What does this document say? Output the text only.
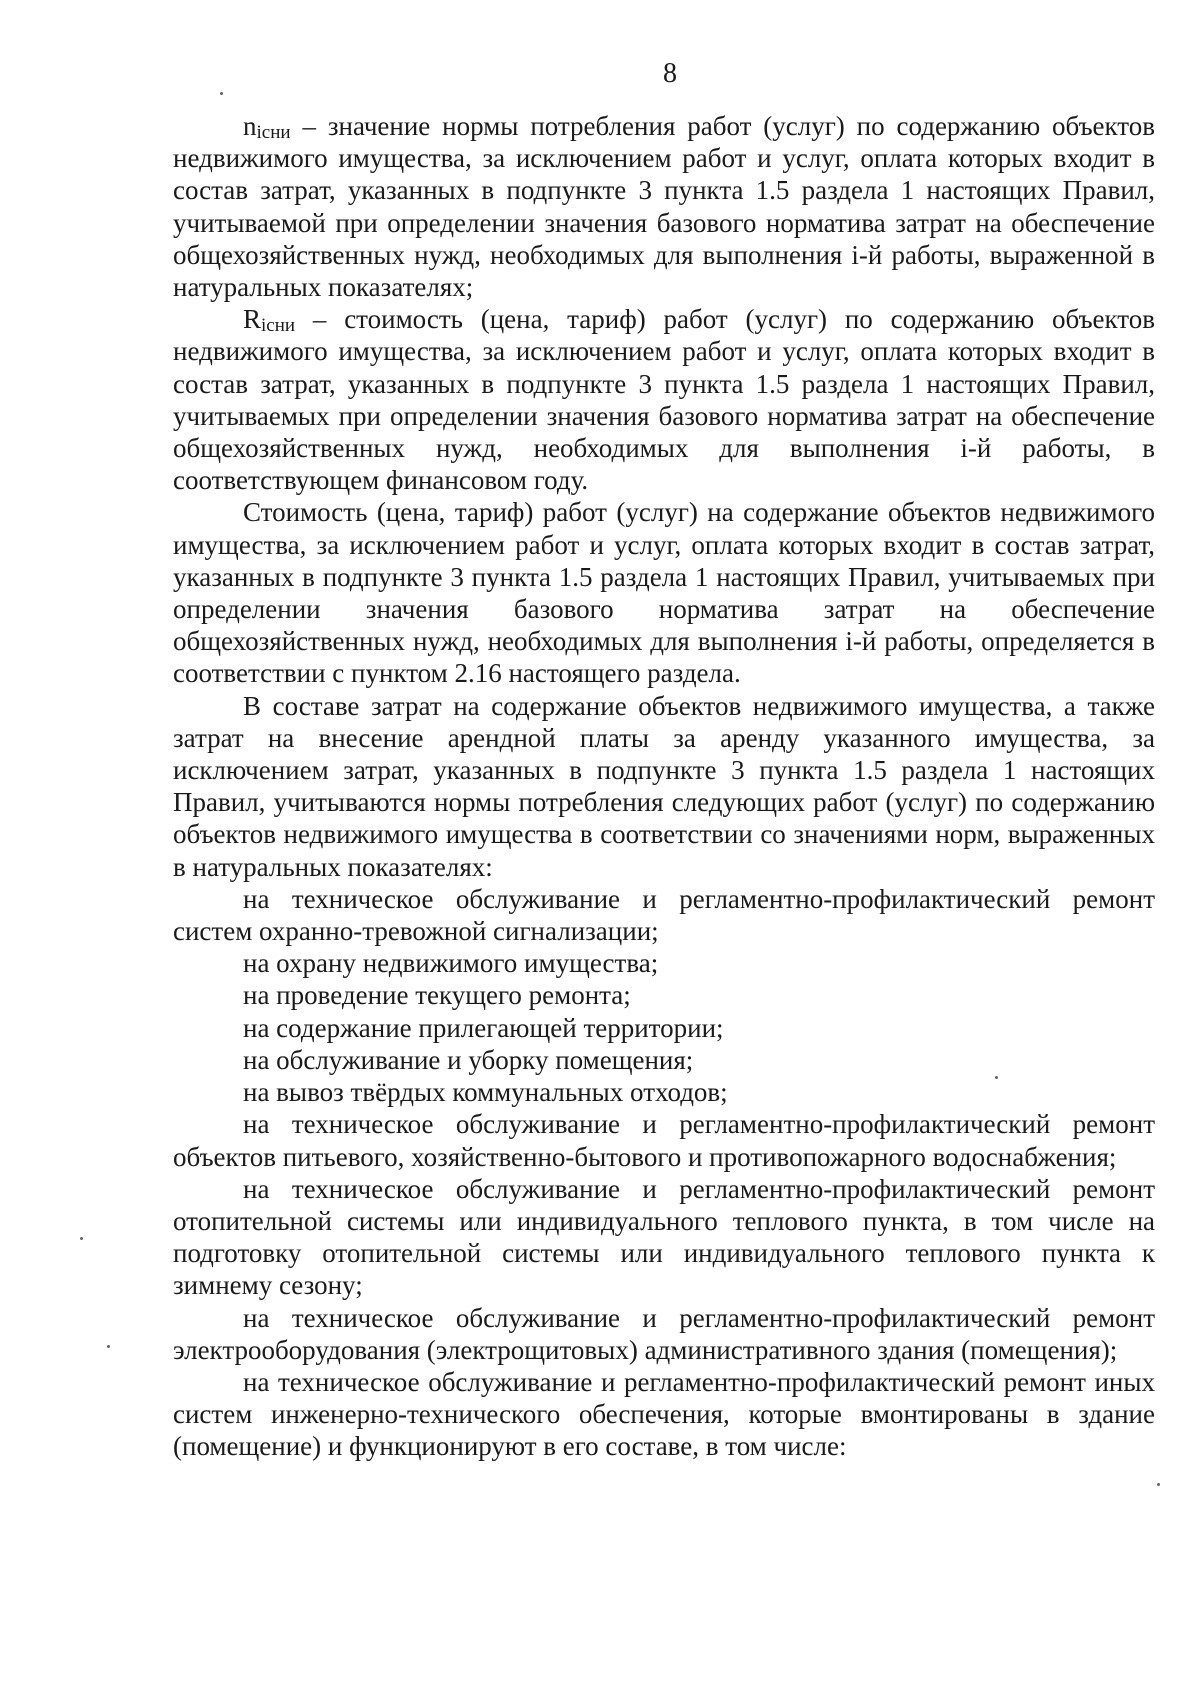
8

$n_{iсни}$ – значение нормы потребления работ (услуг) по содержанию объектов недвижимого имущества, за исключением работ и услуг, оплата которых входит в состав затрат, указанных в подпункте 3 пункта 1.5 раздела 1 настоящих Правил, учитываемой при определении значения базового норматива затрат на обеспечение общехозяйственных нужд, необходимых для выполнения i-й работы, выраженной в натуральных показателях;

$R_{iсни}$ – стоимость (цена, тариф) работ (услуг) по содержанию объектов недвижимого имущества, за исключением работ и услуг, оплата которых входит в состав затрат, указанных в подпункте 3 пункта 1.5 раздела 1 настоящих Правил, учитываемых при определении значения базового норматива затрат на обеспечение общехозяйственных нужд, необходимых для выполнения i-й работы, в соответствующем финансовом году.

Стоимость (цена, тариф) работ (услуг) на содержание объектов недвижимого имущества, за исключением работ и услуг, оплата которых входит в состав затрат, указанных в подпункте 3 пункта 1.5 раздела 1 настоящих Правил, учитываемых при определении значения базового норматива затрат на обеспечение общехозяйственных нужд, необходимых для выполнения i-й работы, определяется в соответствии с пунктом 2.16 настоящего раздела.

В составе затрат на содержание объектов недвижимого имущества, а также затрат на внесение арендной платы за аренду указанного имущества, за исключением затрат, указанных в подпункте 3 пункта 1.5 раздела 1 настоящих Правил, учитываются нормы потребления следующих работ (услуг) по содержанию объектов недвижимого имущества в соответствии со значениями норм, выраженных в натуральных показателях:

на техническое обслуживание и регламентно-профилактический ремонт систем охранно-тревожной сигнализации;

на охрану недвижимого имущества;

на проведение текущего ремонта;

на содержание прилегающей территории;

на обслуживание и уборку помещения;

на вывоз твёрдых коммунальных отходов;

на техническое обслуживание и регламентно-профилактический ремонт объектов питьевого, хозяйственно-бытового и противопожарного водоснабжения;

на техническое обслуживание и регламентно-профилактический ремонт отопительной системы или индивидуального теплового пункта, в том числе на подготовку отопительной системы или индивидуального теплового пункта к зимнему сезону;

на техническое обслуживание и регламентно-профилактический ремонт электрооборудования (электрощитовых) административного здания (помещения);

на техническое обслуживание и регламентно-профилактический ремонт иных систем инженерно-технического обеспечения, которые вмонтированы в здание (помещение) и функционируют в его составе, в том числе:
